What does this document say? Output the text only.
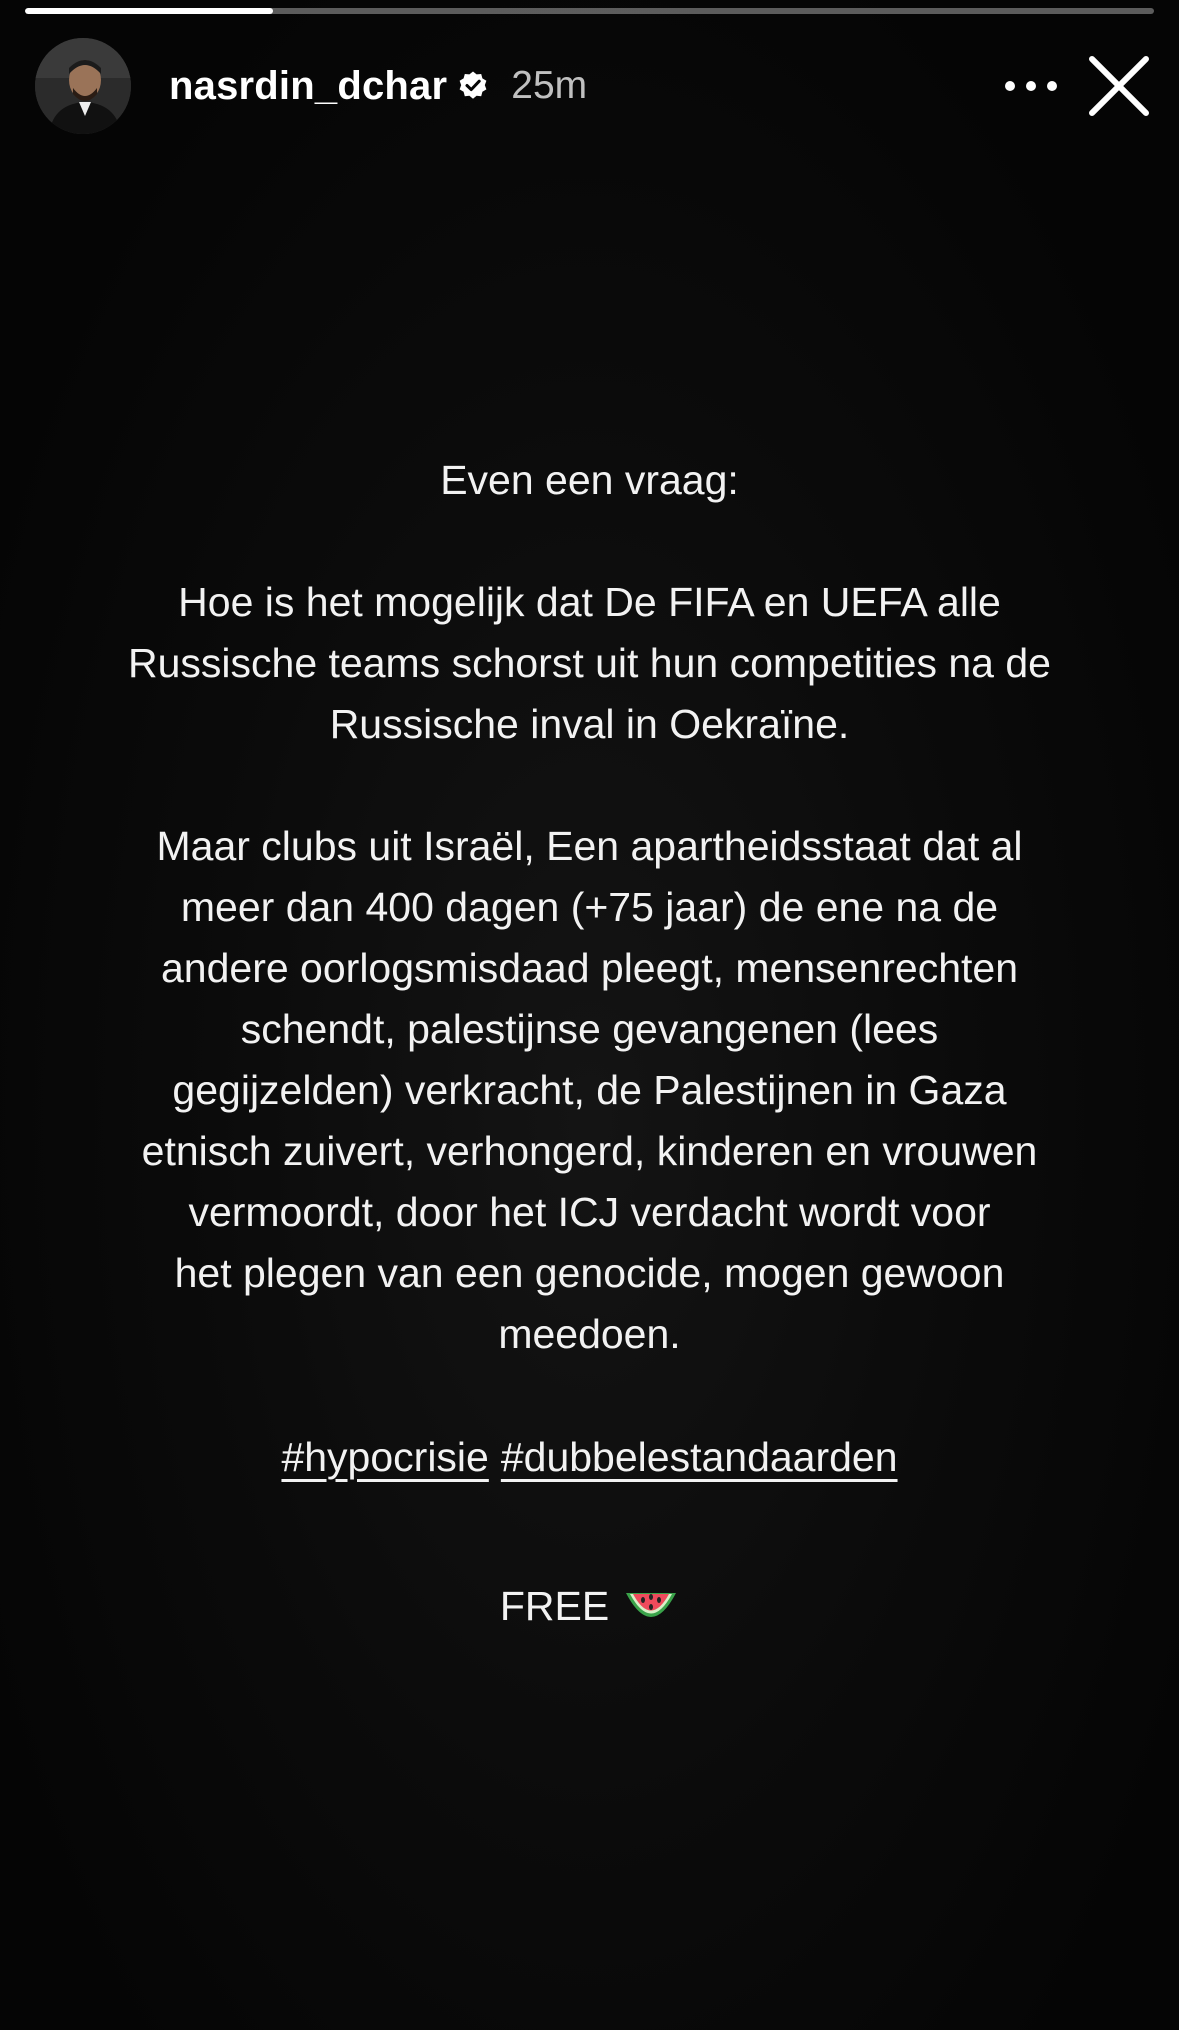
nasrdin_dchar 25m
Even een vraag:
Hoe is het mogelijk dat De FIFA en UEFA alle
Russische teams schorst uit hun competities na de
Russische inval in Oekraïne.
Maar clubs uit Israël, Een apartheidsstaat dat al
meer dan 400 dagen (+75 jaar) de ene na de
andere oorlogsmisdaad pleegt, mensenrechten
schendt, palestijnse gevangenen (lees
gegijzelden) verkracht, de Palestijnen in Gaza
etnisch zuivert, verhongerd, kinderen en vrouwen
vermoordt, door het ICJ verdacht wordt voor
het plegen van een genocide, mogen gewoon
meedoen.
#hypocrisie #dubbelestandaarden
FREE
